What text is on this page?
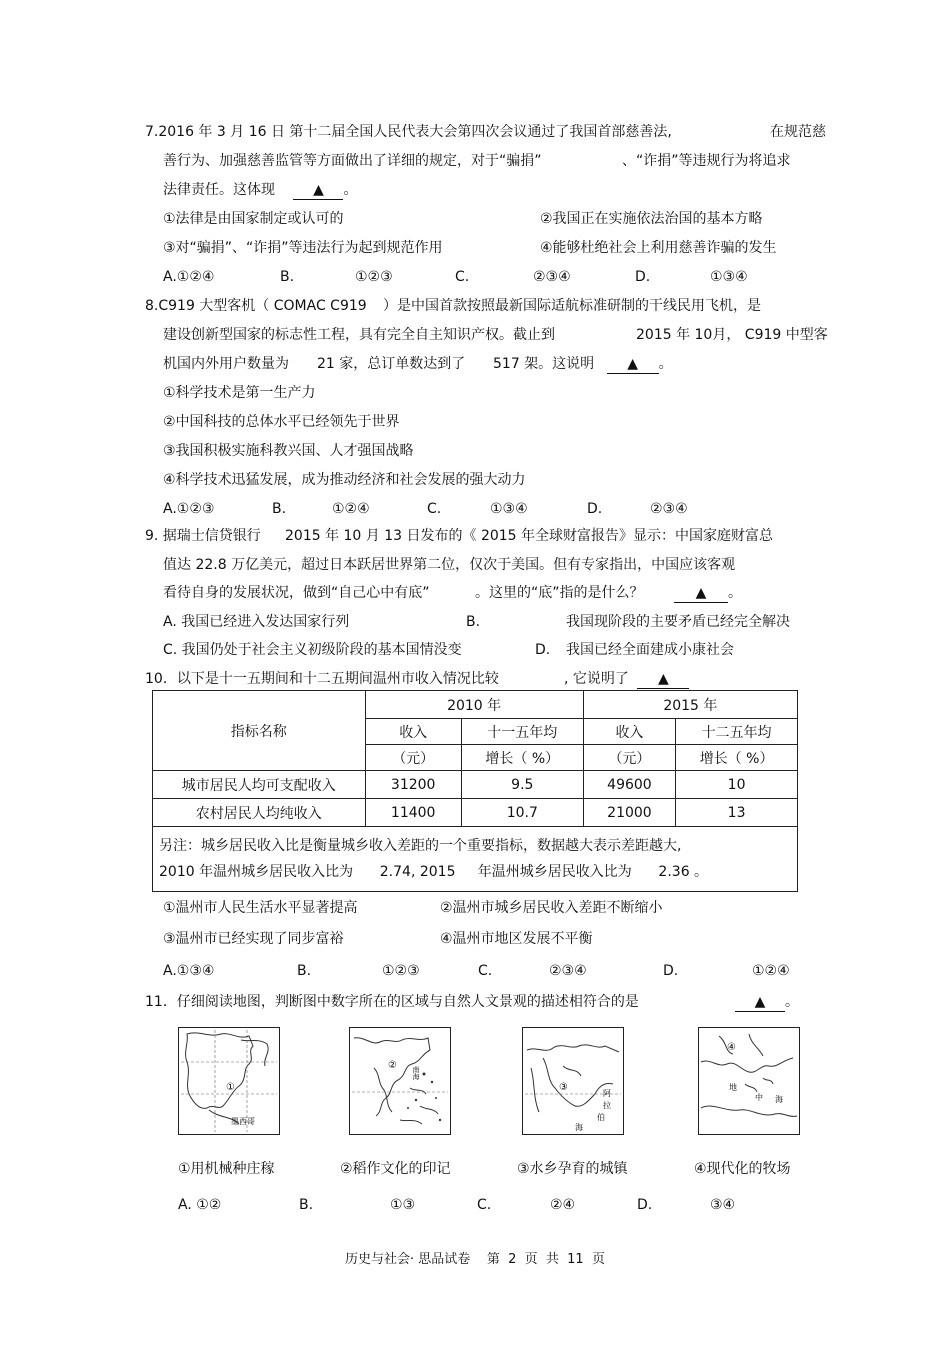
7.2016 年 3 月 16 日 第十二届全国人民代表大会第四次会议通过了我国首部慈善法,	在规范慈
善行为、加强慈善监管等方面做出了详细的规定，对于“骗捐”	、“诈捐”等违规行为将追求
法律责任。这体现	▲ 。
①法律是由国家制定或认可的	②我国正在实施依法治国的基本方略
③对“骗捐”、“诈捐”等违法行为起到规范作用	④能够杜绝社会上利用慈善诈骗的发生
A.①②④	B.	①②③	C.	②③④	D.	①③④
8.C919 大型客机（ COMAC C919 ）是中国首款按照最新国际适航标准研制的干线民用飞机，是
建设创新型国家的标志性工程，具有完全自主知识产权。截止到	2015 年 10月， C919 中型客
机国内外用户数量为 21 家，总订单数达到了 517 架。这说明 ▲ 。
①科学技术是第一生产力
②中国科技的总体水平已经领先于世界
③我国积极实施科教兴国、人才强国战略
④科学技术迅猛发展，成为推动经济和社会发展的强大动力
A.①②③	B.	①②④	C.	①③④	D.	②③④
9. 据瑞士信贷银行 2015 年 10 月 13 日发布的《 2015 年全球财富报告》显示：中国家庭财富总
值达 22.8 万亿美元，超过日本跃居世界第二位，仅次于美国。但有专家指出，中国应该客观
看待自身的发展状况，做到“自己心中有底”	。这里的“底”指的是什么？	▲ 。
A. 我国已经进入发达国家行列	B.	我国现阶段的主要矛盾已经完全解决
C. 我国仍处于社会主义初级阶段的基本国情没变	D. 我国已经全面建成小康社会
10．以下是十一五期间和十二五期间温州市收入情况比较	, 它说明了 ▲
指标名称	2010 年		2015 年	
	收入	十一五年均	收入	十二五年均
	（元）	增长（ %）	（元）	增长（ %）
城市居民人均可支配收入	31200	9.5	49600	10
农村居民人均纯收入	11400	10.7	21000	13

另注：城乡居民收入比是衡量城乡收入差距的一个重要指标，数据越大表示差距越大,
2010 年温州城乡居民收入比为      2.74, 2015     年温州城乡居民收入比为      2.36 。				
①温州市人民生活水平显著提高	②温州市城乡居民收入差距不断缩小
③温州市已经实现了同步富裕	④温州市地区发展不平衡
A.①③④	B.	①②③	C.	②③④	D.	①②④
11．仔细阅读地图，判断图中数字所在的区域与自然人文景观的描述相符合的是	▲ 。
①
墨西哥
②
南海
③
阿
拉
伯
海
④
地
中 海
①用机械种庄稼	②稻作文化的印记	③水乡孕育的城镇	④现代化的牧场
A. ①②	B.	①③	C.	②④	D.	③④
历史与社会· 思品试卷    第  2  页  共  11  页
